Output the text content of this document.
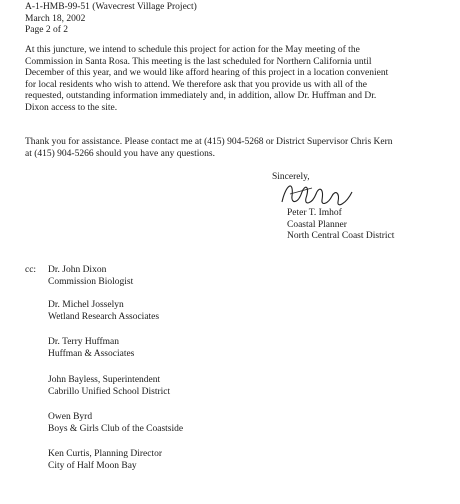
A-1-HMB-99-51 (Wavecrest Village Project)
March 18, 2002
Page 2 of 2
At this juncture, we intend to schedule this project for action for the May meeting of the
Commission in Santa Rosa. This meeting is the last scheduled for Northern California until
December of this year, and we would like afford hearing of this project in a location convenient
for local residents who wish to attend. We therefore ask that you provide us with all of the
requested, outstanding information immediately and, in addition, allow Dr. Huffman and Dr.
Dixon access to the site.
Thank you for assistance. Please contact me at (415) 904-5268 or District Supervisor Chris Kern
at (415) 904-5266 should you have any questions.
Sincerely,
Peter T. Imhof
Coastal Planner
North Central Coast District
cc: Dr. John Dixon
Commission Biologist
Dr. Michel Josselyn
Wetland Research Associates
Dr. Terry Huffman
Huffman & Associates
John Bayless, Superintendent
Cabrillo Unified School District
Owen Byrd
Boys & Girls Club of the Coastside
Ken Curtis, Planning Director
City of Half Moon Bay
